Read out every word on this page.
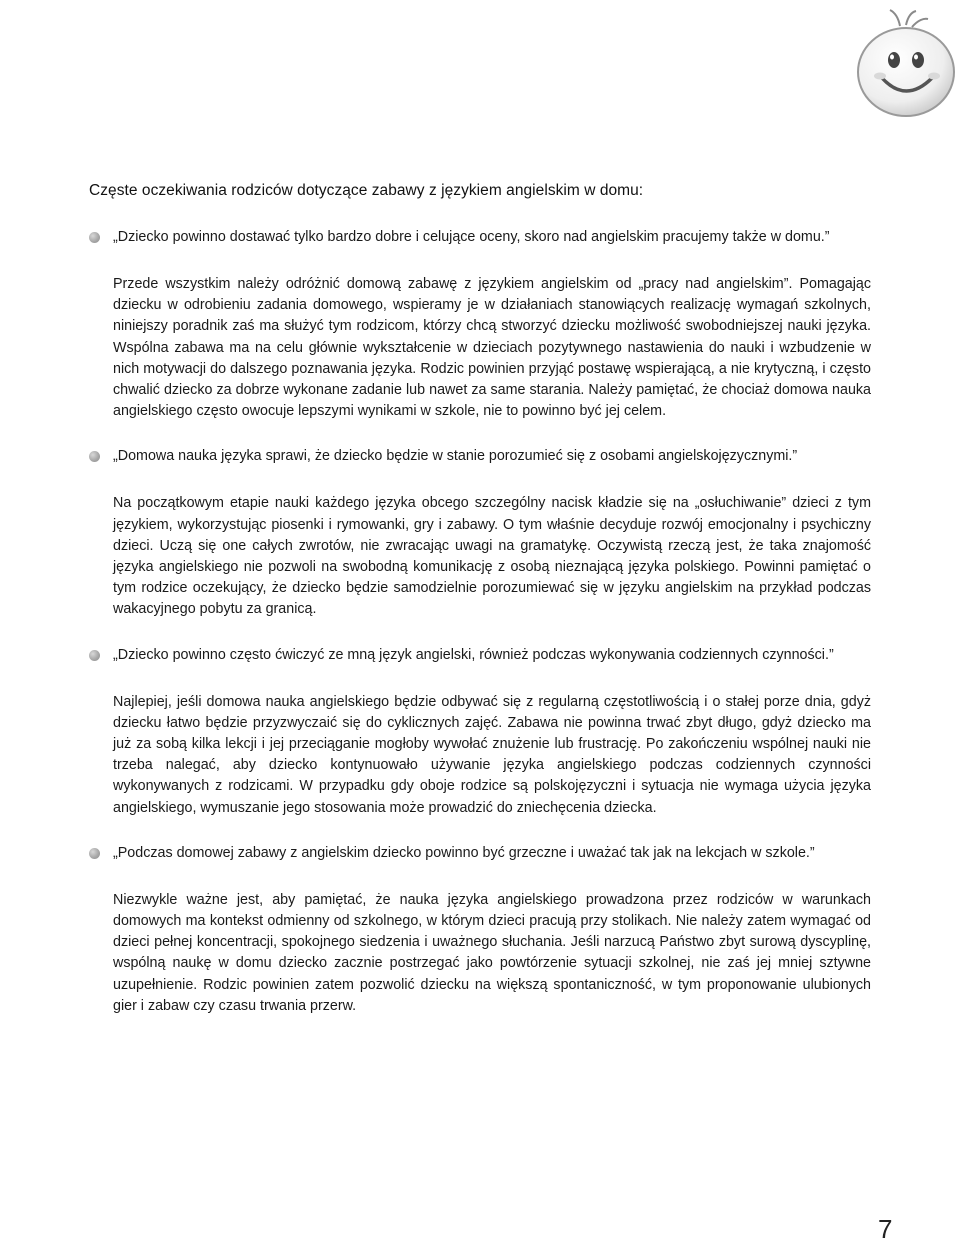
Częste oczekiwania rodziców dotyczące zabawy z językiem angielskim w domu:
„Dziecko powinno dostawać tylko bardzo dobre i celujące oceny, skoro nad angielskim pracujemy także w domu.”

Przede wszystkim należy odróżnić domową zabawę z językiem angielskim od „pracy nad angielskim”. Pomagając dziecku w odrobieniu zadania domowego, wspieramy je w działaniach stanowiących realizację wymagań szkolnych, niniejszy poradnik zaś ma służyć tym rodzicom, którzy chcą stworzyć dziecku możliwość swobodniejszej nauki języka. Wspólna zabawa ma na celu głównie wykształcenie w dzieciach pozytywnego nastawienia do nauki i wzbudzenie w nich motywacji do dalszego poznawania języka. Rodzic powinien przyjąć postawę wspierającą, a nie krytyczną, i często chwalić dziecko za dobrze wykonane zadanie lub nawet za same starania. Należy pamiętać, że chociaż domowa nauka angielskiego często owocuje lepszymi wynikami w szkole, nie to powinno być jej celem.

„Domowa nauka języka sprawi, że dziecko będzie w stanie porozumieć się z osobami angielskojęzycznymi.”

Na początkowym etapie nauki każdego języka obcego szczególny nacisk kładzie się na „osłuchiwanie” dzieci z tym językiem, wykorzystując piosenki i rymowanki, gry i zabawy. O tym właśnie decyduje rozwój emocjonalny i psychiczny dzieci. Uczą się one całych zwrotów, nie zwracając uwagi na gramatykę. Oczywistą rzeczą jest, że taka znajomość języka angielskiego nie pozwoli na swobodną komunikację z osobą nieznającą języka polskiego. Powinni pamiętać o tym rodzice oczekujący, że dziecko będzie samodzielnie porozumiewać się w języku angielskim na przykład podczas wakacyjnego pobytu za granicą.

„Dziecko powinno często ćwiczyć ze mną język angielski, również podczas wykonywania codziennych czynności.”

Najlepiej, jeśli domowa nauka angielskiego będzie odbywać się z regularną częstotliwością i o stałej porze dnia, gdyż dziecku łatwo będzie przyzwyczaić się do cyklicznych zajęć. Zabawa nie powinna trwać zbyt długo, gdyż dziecko ma już za sobą kilka lekcji i jej przeciąganie mogłoby wywołać znużenie lub frustrację. Po zakończeniu wspólnej nauki nie trzeba nalegać, aby dziecko kontynuowało używanie języka angielskiego podczas codziennych czynności wykonywanych z rodzicami. W przypadku gdy oboje rodzice są polskojęzyczni i sytuacja nie wymaga użycia języka angielskiego, wymuszanie jego stosowania może prowadzić do zniechęcenia dziecka.

„Podczas domowej zabawy z angielskim dziecko powinno być grzeczne i uważać tak jak na lekcjach w szkole.”

Niezwykle ważne jest, aby pamiętać, że nauka języka angielskiego prowadzona przez rodziców w warunkach domowych ma kontekst odmienny od szkolnego, w którym dzieci pracują przy stolikach. Nie należy zatem wymagać od dzieci pełnej koncentracji, spokojnego siedzenia i uważnego słuchania. Jeśli narzucą Państwo zbyt surową dyscyplinę, wspólną naukę w domu dziecko zacznie postrzegać jako powtórzenie sytuacji szkolnej, nie zaś jej mniej sztywne uzupełnienie. Rodzic powinien zatem pozwolić dziecku na większą spontaniczność, w tym proponowanie ulubionych gier i zabaw czy czasu trwania przerw.

7
